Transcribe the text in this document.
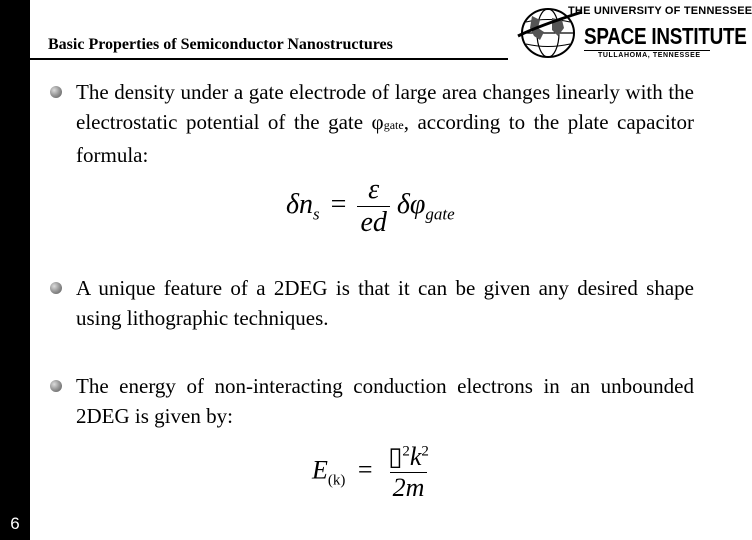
6
Basic Properties of Semiconductor Nanostructures
THE UNIVERSITY OF TENNESSEE
SPACE INSTITUTE
TULLAHOMA, TENNESSEE
The density under a gate electrode of large area changes linearly with the electrostatic potential of the gate φgate, according to the plate capacitor formula:
$\delta n_s = \frac{\varepsilon}{ed} \delta\varphi_{gate}$
A unique feature of a 2DEG is that it can be given any desired shape using lithographic techniques.
The energy of non-interacting conduction electrons in an unbounded 2DEG is given by:
$E_{(k)} = \frac{▯^2k^2}{2m}$
